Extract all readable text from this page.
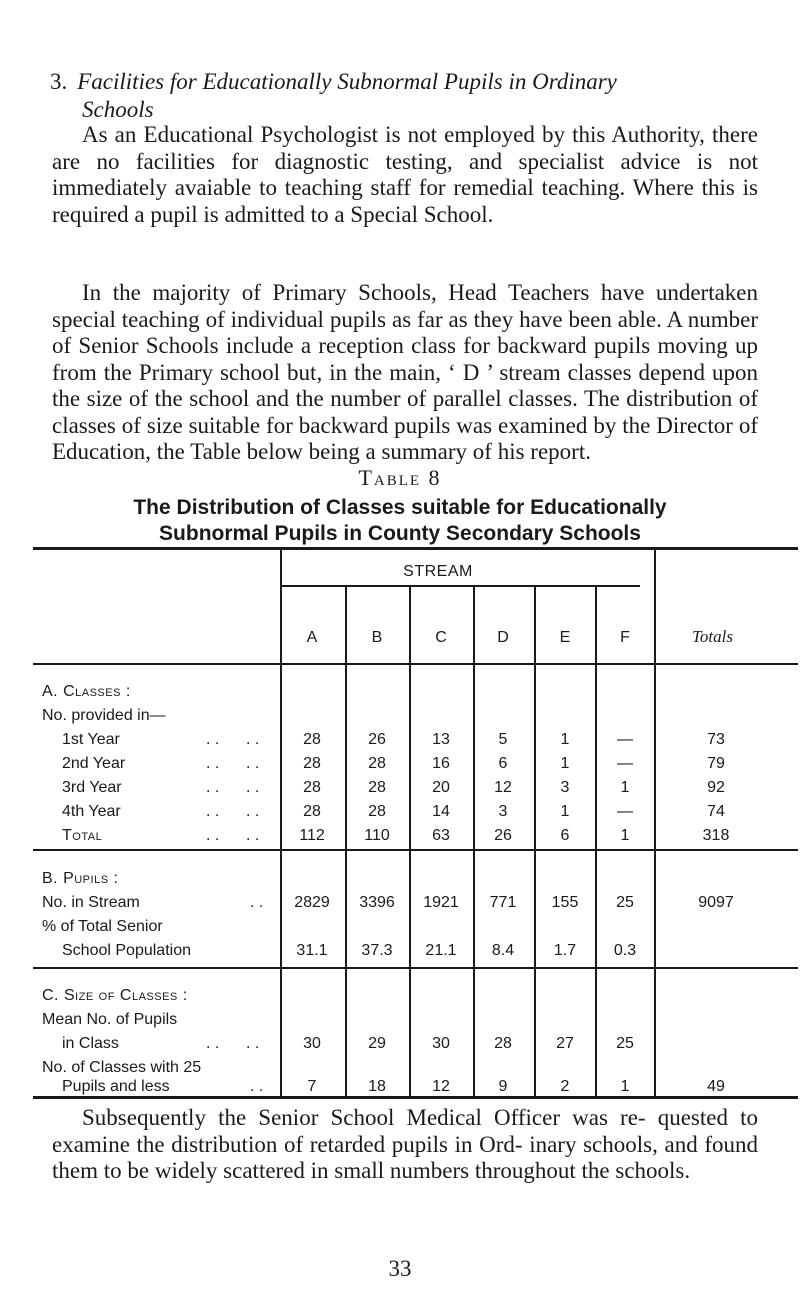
3. Facilities for Educationally Subnormal Pupils in Ordinary
Schools
As an Educational Psychologist is not employed by this Authority, there are no facilities for diagnostic testing, and specialist advice is not immediately avaiable to teaching staff for remedial teaching. Where this is required a pupil is admitted to a Special School.
In the majority of Primary Schools, Head Teachers have undertaken special teaching of individual pupils as far as they have been able. A number of Senior Schools include a reception class for backward pupils moving up from the Primary school but, in the main, ‘ D ’ stream classes depend upon the size of the school and the number of parallel classes. The distribution of classes of size suitable for backward pupils was examined by the Director of Education, the Table below being a summary of his report.
Table 8
The Distribution of Classes suitable for Educationally
Subnormal Pupils in County Secondary Schools
STREAM
A	B	C	D	E	F	Totals
A. Classes :
No. provided in—
1st Year	. .      . .	28	26	13	5	1	—	73
2nd Year	. .      . .	28	28	16	6	1	—	79
3rd Year	. .      . .	28	28	20	12	3	1	92
4th Year	. .      . .	28	28	14	3	1	—	74
Total	. .      . .	112	110	63	26	6	1	318
B. Pupils :
No. in Stream	. .	2829	3396	1921	771	155	25	9097
% of Total Senior
School Population	31.1	37.3	21.1	8.4	1.7	0.3
C. Size of Classes :
Mean No. of Pupils
in Class	. .      . .	30	29	30	28	27	25
No. of Classes with 25
Pupils and less	. .	7	18	12	9	2	1	49
Subsequently the Senior School Medical Officer was re- quested to examine the distribution of retarded pupils in Ord- inary schools, and found them to be widely scattered in small numbers throughout the schools.
33
